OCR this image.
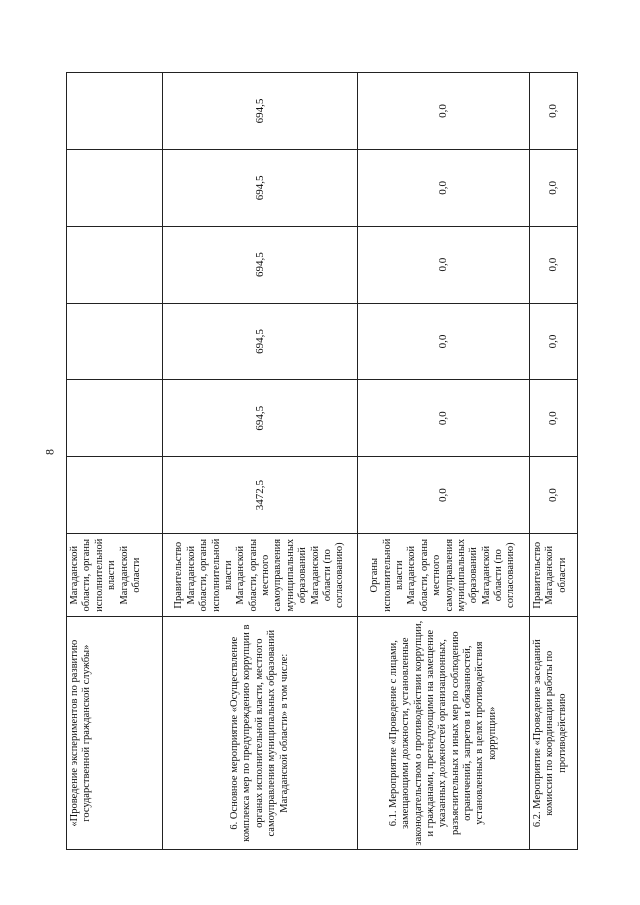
8
«Проведение экспериментов по развитию государственной гражданской службы»	Магаданской области, органы исполнительной власти Магаданской области						
6. Основное мероприятие «Осуществление комплекса мер по предупреждению коррупции в органах исполнительной власти, местного самоуправления муниципальных образований Магаданской области» в том числе:	Правительство Магаданской области, органы исполнительной власти Магаданской области, органы местного самоуправления муниципальных образований Магаданской области (по согласованию)	3472,5	694,5	694,5	694,5	694,5	694,5
6.1. Мероприятие «Проведение с лицами, замещающими должности, установленные законодательством о противодействии коррупции, и гражданами, претендующими на замещение указанных должностей организационных, разъяснительных и иных мер по соблюдению ограничений, запретов и обязанностей, установленных в целях противодействия коррупции»	Органы исполнительной власти Магаданской области, органы местного самоуправления муниципальных образований Магаданской области (по согласованию)	0,0	0,0	0,0	0,0	0,0	0,0
6.2. Мероприятие «Проведение заседаний комиссии по координации работы по противодействию	Правительство Магаданской области	0,0	0,0	0,0	0,0	0,0	0,0
